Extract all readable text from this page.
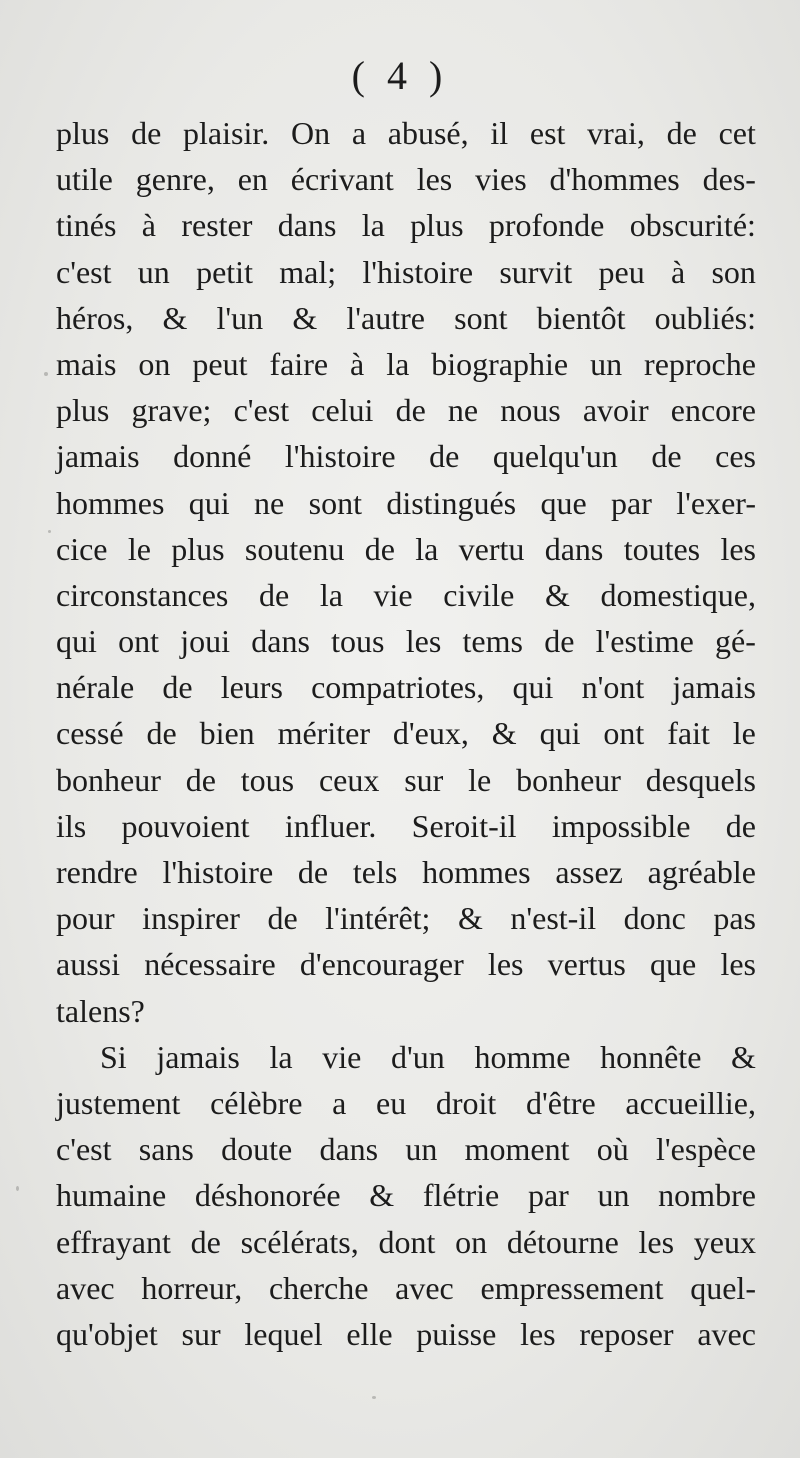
( 4 )
plus de plaisir. On a abusé, il est vrai, de cet
utile genre, en écrivant les vies d'hommes des-
tinés à rester dans la plus profonde obscurité:
c'est un petit mal; l'histoire survit peu à son
héros, & l'un & l'autre sont bientôt oubliés:
mais on peut faire à la biographie un reproche
plus grave; c'est celui de ne nous avoir encore
jamais donné l'histoire de quelqu'un de ces
hommes qui ne sont distingués que par l'exer-
cice le plus soutenu de la vertu dans toutes les
circonstances de la vie civile & domestique,
qui ont joui dans tous les tems de l'estime gé-
nérale de leurs compatriotes, qui n'ont jamais
cessé de bien mériter d'eux, & qui ont fait le
bonheur de tous ceux sur le bonheur desquels
ils pouvoient influer. Seroit-il impossible de
rendre l'histoire de tels hommes assez agréable
pour inspirer de l'intérêt; & n'est-il donc pas
aussi nécessaire d'encourager les vertus que les
talens?
Si jamais la vie d'un homme honnête &
justement célèbre a eu droit d'être accueillie,
c'est sans doute dans un moment où l'espèce
humaine déshonorée & flétrie par un nombre
effrayant de scélérats, dont on détourne les yeux
avec horreur, cherche avec empressement quel-
qu'objet sur lequel elle puisse les reposer avec
